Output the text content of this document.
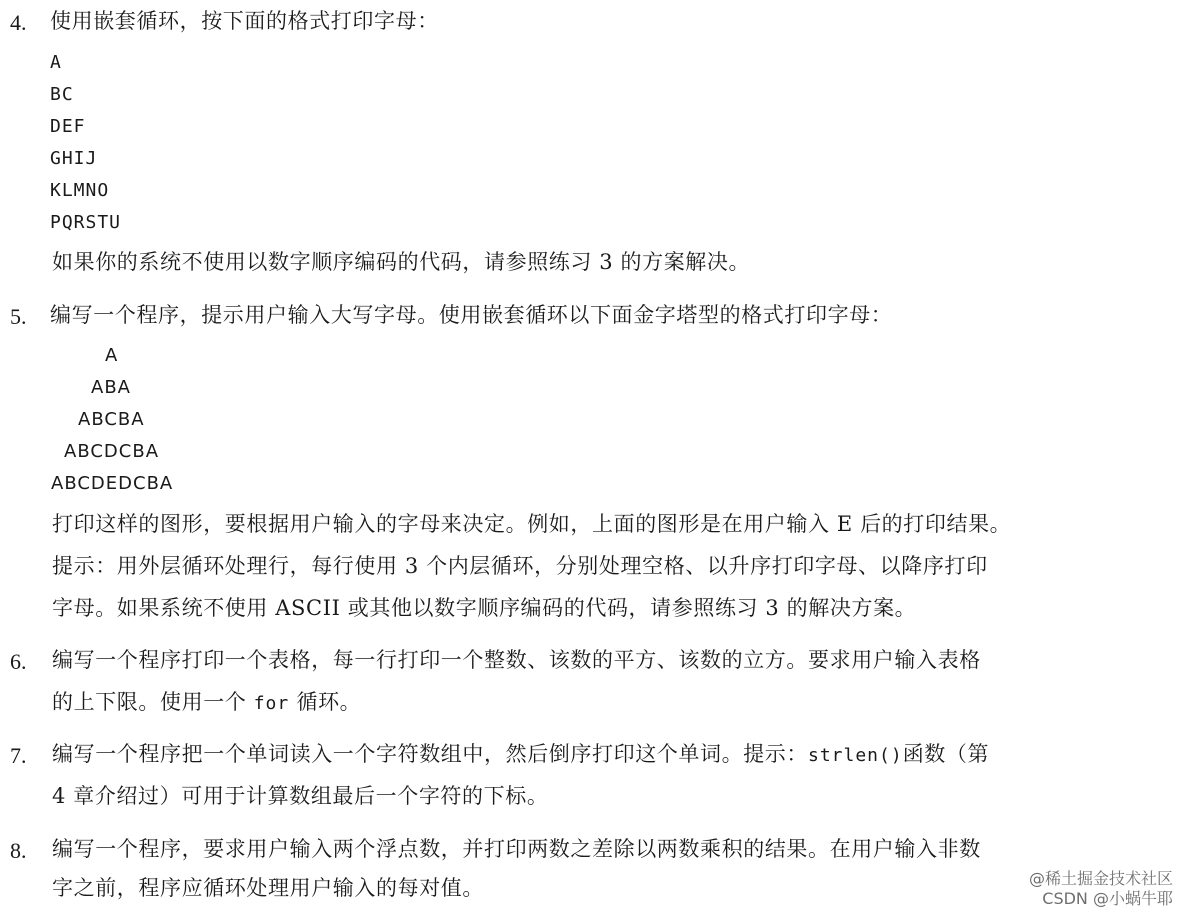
4. 使用嵌套循环，按下面的格式打印字母：
A
BC
DEF
GHIJ
KLMNO
PQRSTU
如果你的系统不使用以数字顺序编码的代码，请参照练习 3 的方案解决。
5. 编写一个程序，提示用户输入大写字母。使用嵌套循环以下面金字塔型的格式打印字母：
A
ABA
ABCBA
ABCDCBA
ABCDEDCBA
打印这样的图形，要根据用户输入的字母来决定。例如，上面的图形是在用户输入 E 后的打印结果。
提示：用外层循环处理行，每行使用 3 个内层循环，分别处理空格、以升序打印字母、以降序打印
字母。如果系统不使用 ASCII 或其他以数字顺序编码的代码，请参照练习 3 的解决方案。
6. 编写一个程序打印一个表格，每一行打印一个整数、该数的平方、该数的立方。要求用户输入表格
的上下限。使用一个 for 循环。
7. 编写一个程序把一个单词读入一个字符数组中，然后倒序打印这个单词。提示：strlen()函数（第
4 章介绍过）可用于计算数组最后一个字符的下标。
8. 编写一个程序，要求用户输入两个浮点数，并打印两数之差除以两数乘积的结果。在用户输入非数
字之前，程序应循环处理用户输入的每对值。	@稀土掘金技术社区
CSDN @小蜗牛耶
